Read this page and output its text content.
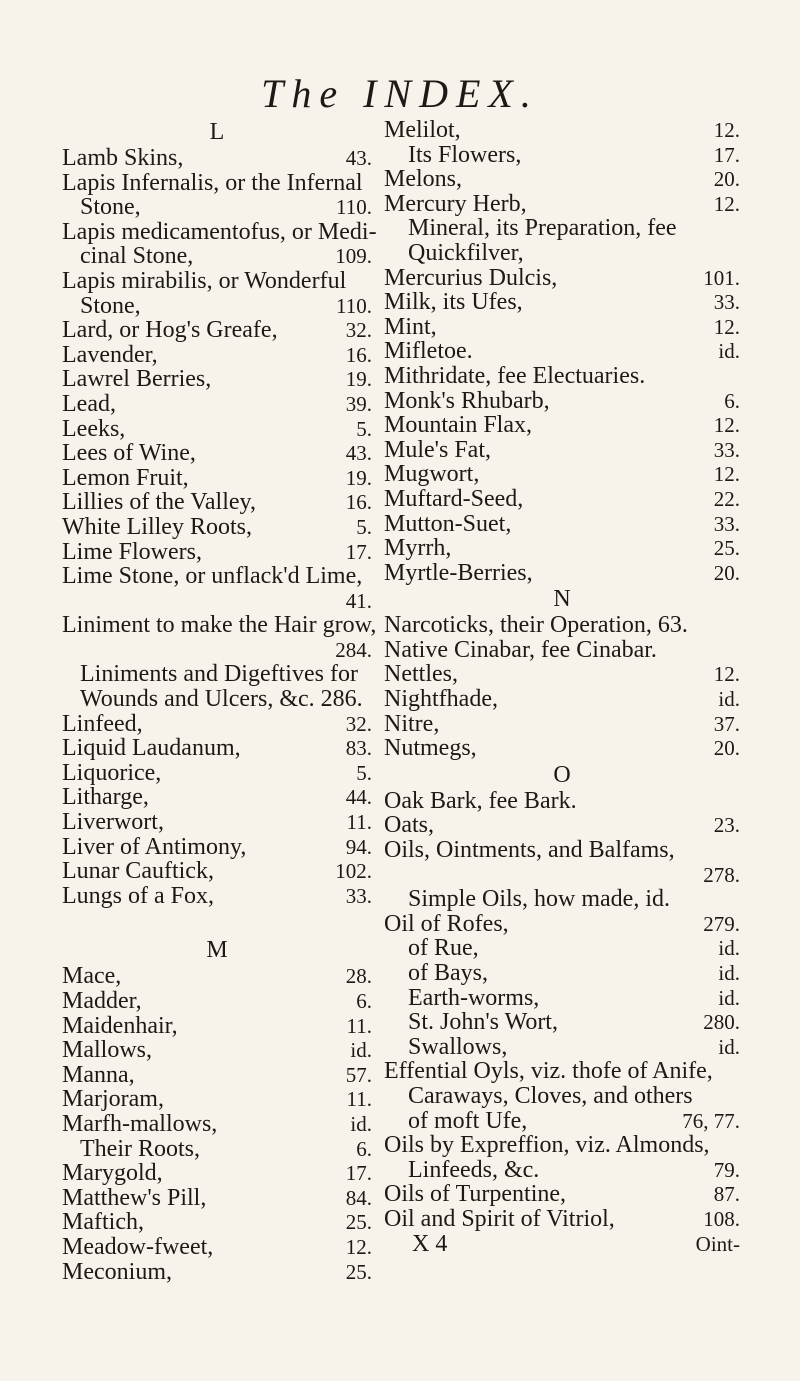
The INDEX.
L
Lamb Skins,	43.
Lapis Infernalis, or the Infernal
Stone,	110.
Lapis medicamentofus, or Medi-
cinal Stone,	109.
Lapis mirabilis, or Wonderful
Stone,	110.
Lard, or Hog's Greafe,	32.
Lavender,	16.
Lawrel Berries,	19.
Lead,	39.
Leeks,	5.
Lees of Wine,	43.
Lemon Fruit,	19.
Lillies of the Valley,	16.
White Lilley Roots,	5.
Lime Flowers,	17.
Lime Stone, or unflack'd Lime,
41.
Liniment to make the Hair grow,
284.
Liniments and Digeftives for
Wounds and Ulcers, &c. 286.
Linfeed,	32.
Liquid Laudanum,	83.
Liquorice,	5.
Litharge,	44.
Liverwort,	11.
Liver of Antimony,	94.
Lunar Cauftick,	102.
Lungs of a Fox,	33.
M
Mace,	28.
Madder,	6.
Maidenhair,	11.
Mallows,	id.
Manna,	57.
Marjoram,	11.
Marfh-mallows,	id.
Their Roots,	6.
Marygold,	17.
Matthew's Pill,	84.
Maftich,	25.
Meadow-fweet,	12.
Meconium,	25.
Melilot,	12.
Its Flowers,	17.
Melons,	20.
Mercury Herb,	12.
Mineral, its Preparation, fee
Quickfilver,
Mercurius Dulcis,	101.
Milk, its Ufes,	33.
Mint,	12.
Mifletoe.	id.
Mithridate, fee Electuaries.
Monk's Rhubarb,	6.
Mountain Flax,	12.
Mule's Fat,	33.
Mugwort,	12.
Muftard-Seed,	22.
Mutton-Suet,	33.
Myrrh,	25.
Myrtle-Berries,	20.
N
Narcoticks, their Operation, 63.
Native Cinabar, fee Cinabar.
Nettles,	12.
Nightfhade,	id.
Nitre,	37.
Nutmegs,	20.
O
Oak Bark, fee Bark.
Oats,	23.
Oils, Ointments, and Balfams,
278.
Simple Oils, how made, id.
Oil of Rofes,	279.
of Rue,	id.
of Bays,	id.
Earth-worms,	id.
St. John's Wort,	280.
Swallows,	id.
Effential Oyls, viz. thofe of Anife,
Caraways, Cloves, and others
of moft Ufe,	76, 77.
Oils by Expreffion, viz. Almonds,
Linfeeds, &c.	79.
Oils of Turpentine,	87.
Oil and Spirit of Vitriol,	108.
X 4	Oint-
